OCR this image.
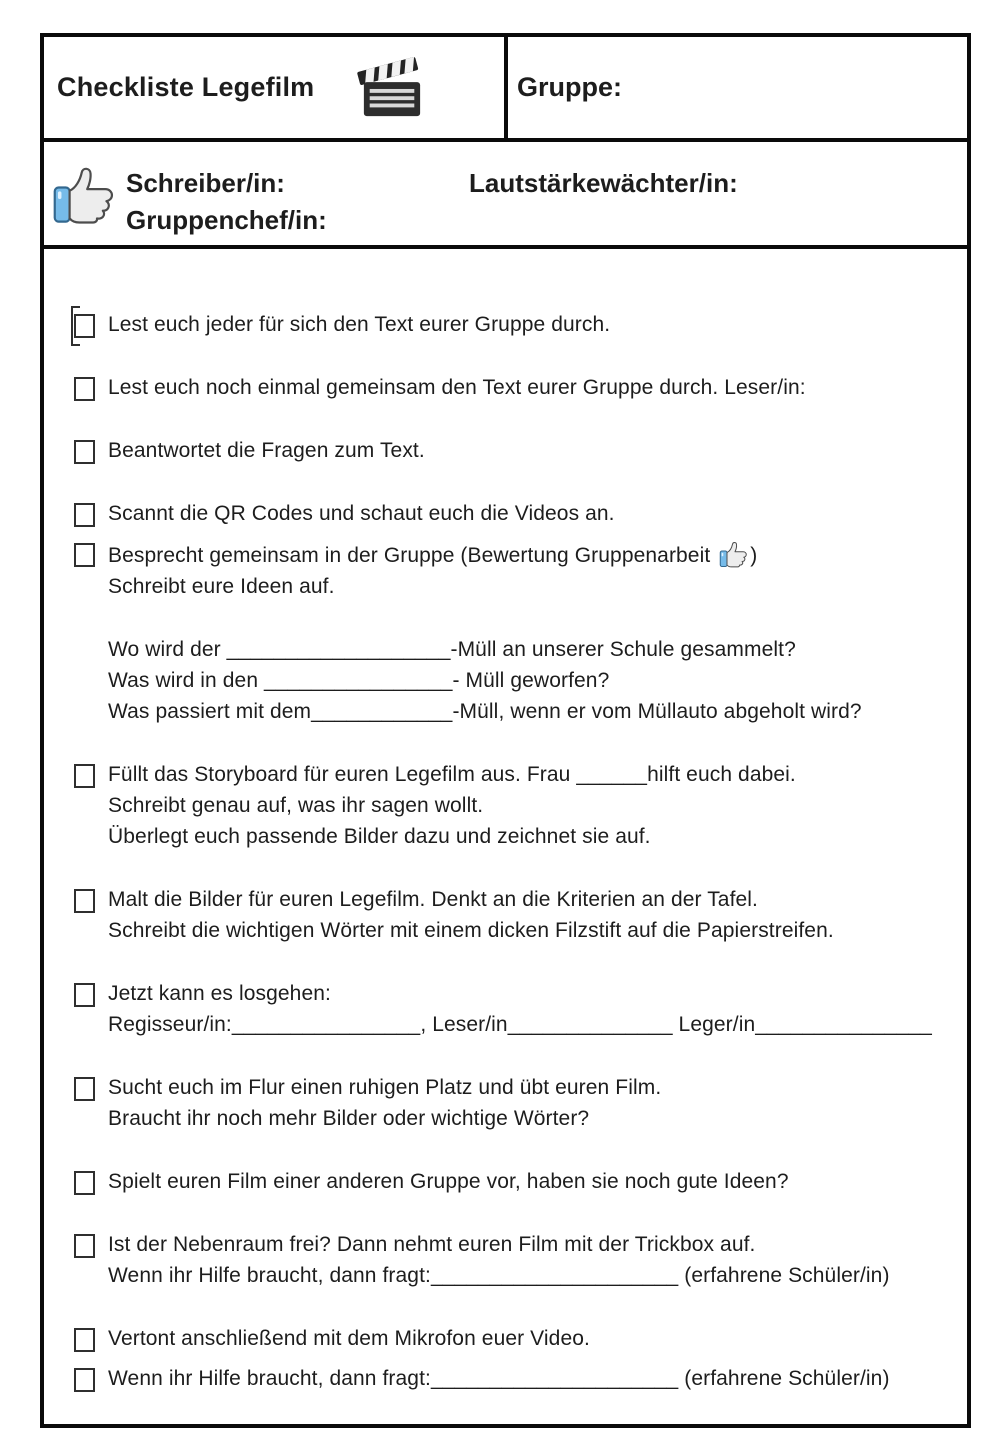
Checkliste Legefilm	Gruppe:
Schreiber/in:	Lautstärkewächter/in:
Gruppenchef/in:
Lest euch jeder für sich den Text eurer Gruppe durch.
Lest euch noch einmal gemeinsam den Text eurer Gruppe durch. Leser/in:
Beantwortet die Fragen zum Text.
Scannt die QR Codes und schaut euch die Videos an.
Besprecht gemeinsam in der Gruppe (Bewertung Gruppenarbeit
)
Schreibt eure Ideen auf.
Wo wird der ___________________-Müll an unserer Schule gesammelt?
Was wird in den ________________- Müll geworfen?
Was passiert mit dem____________-Müll, wenn er vom Müllauto abgeholt wird?
Füllt das Storyboard für euren Legefilm aus. Frau ______hilft euch dabei.
Schreibt genau auf, was ihr sagen wollt.
Überlegt euch passende Bilder dazu und zeichnet sie auf.
Malt die Bilder für euren Legefilm. Denkt an die Kriterien an der Tafel.
Schreibt die wichtigen Wörter mit einem dicken Filzstift auf die Papierstreifen.
Jetzt kann es losgehen:
Regisseur/in:________________, Leser/in______________ Leger/in_______________
Sucht euch im Flur einen ruhigen Platz und übt euren Film.
Braucht ihr noch mehr Bilder oder wichtige Wörter?
Spielt euren Film einer anderen Gruppe vor, haben sie noch gute Ideen?
Ist der Nebenraum frei? Dann nehmt euren Film mit der Trickbox auf.
Wenn ihr Hilfe braucht, dann fragt:_____________________ (erfahrene Schüler/in)
Vertont anschließend mit dem Mikrofon euer Video.
Wenn ihr Hilfe braucht, dann fragt:_____________________ (erfahrene Schüler/in)
